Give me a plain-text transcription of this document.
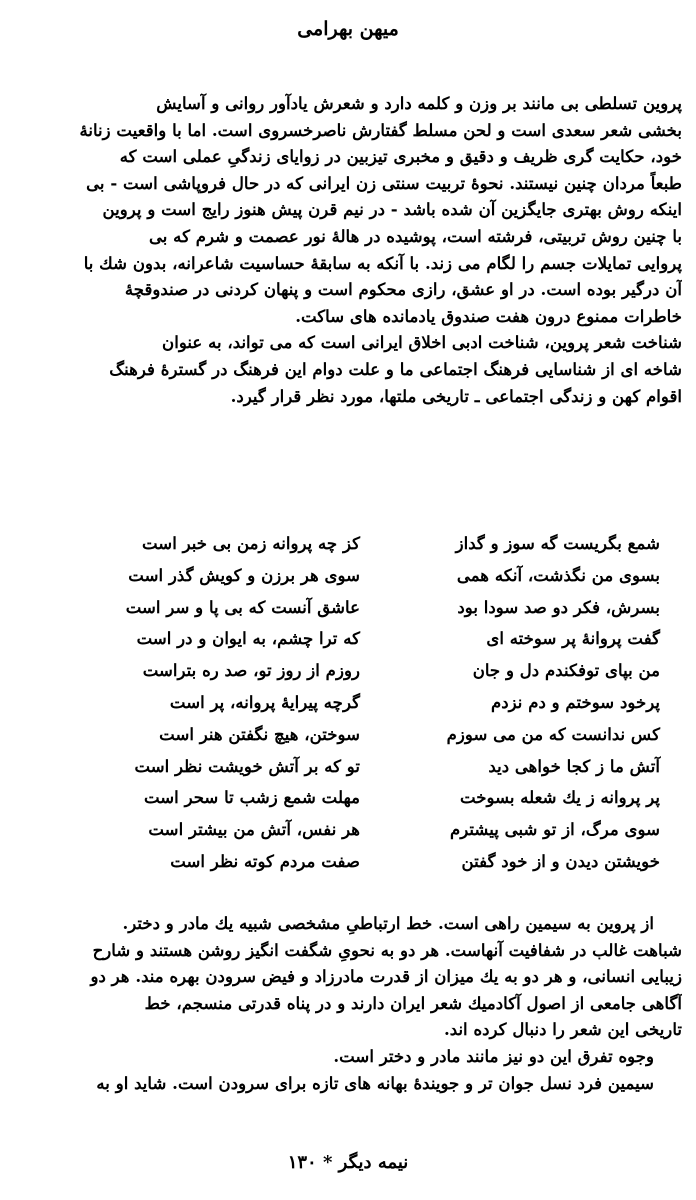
میهن بهرامی
پروین تسلطی بی مانند بر وزن و کلمه دارد و شعرش یادآور روانی و آسایش
بخشی شعر سعدی است و لحن مسلط گفتارش ناصرخسروی است. اما با واقعیت زنانهٔ
خود، حکایت گری ظریف و دقیق و مخبری تیزبین در زوایای زندگیِ عملی است که
طبعاً مردان چنین نیستند. نحوهٔ تربیت سنتی زن ایرانی که در حال فروپاشی است - بی
اینکه روش بهتری جایگزین آن شده باشد - در نیم قرن پیش هنوز رایج است و پروین
با چنین روش تربیتی، فرشته است، پوشیده در هالهٔ نور عصمت و شرم که بی
پروایی تمایلات جسم را لگام می زند. با آنکه به سابقهٔ حساسیت شاعرانه، بدون شك با
آن درگیر بوده است. در او عشق، رازی محکوم است و پنهان کردنی در صندوقچهٔ
خاطرات ممنوع درون هفت صندوق یادمانده های ساکت.
شناخت شعر پروین، شناخت ادبی اخلاق ایرانی است که می تواند، به عنوان
شاخه ای از شناسایی فرهنگ اجتماعی ما و علت دوام این فرهنگ در گسترهٔ فرهنگ
اقوام کهن و زندگی اجتماعی ـ تاریخی ملتها، مورد نظر قرار گیرد.
شمع بگریست گه سوز و گداز
کز چه پروانه زمن بی خبر است
بسوی من نگذشت، آنکه همی
سوی هر برزن و کویش گذر است
بسرش، فکر دو صد سودا بود
عاشق آنست که بی پا و سر است
گفت پروانهٔ پر سوخته ای
که ترا چشم، به ایوان و در است
من بپای توفکندم دل و جان
روزم از روز تو، صد ره بتراست
پرخود سوختم و دم نزدم
گرچه پیرایهٔ پروانه، پر است
کس ندانست که من می سوزم
سوختن، هیچ نگفتن هنر است
آتش ما ز کجا خواهی دید
تو که بر آتش خویشت نظر است
پر پروانه ز یك شعله بسوخت
مهلت شمع زشب تا سحر است
سوی مرگ، از تو شبی پیشترم
هر نفس، آتش من بیشتر است
خویشتن دیدن و از خود گفتن
صفت مردم کوته نظر است
از پروین به سیمین راهی است. خط ارتباطیِ مشخصی شبیه یك مادر و دختر.
شباهت غالب در شفافیت آنهاست. هر دو به نحویِ شگفت انگیز روشن هستند و شارح
زیبایی انسانی، و هر دو به یك میزان از قدرت مادرزاد و فیض سرودن بهره مند. هر دو
آگاهی جامعی از اصول آکادمیك شعر ایران دارند و در پناه قدرتی منسجم، خط
تاریخی این شعر را دنبال کرده اند.
وجوه تفرق این دو نیز مانند مادر و دختر است.
سیمین فرد نسل جوان تر و جویندهٔ بهانه های تازه برای سرودن است. شاید او به
نیمه دیگر * ۱۳۰
